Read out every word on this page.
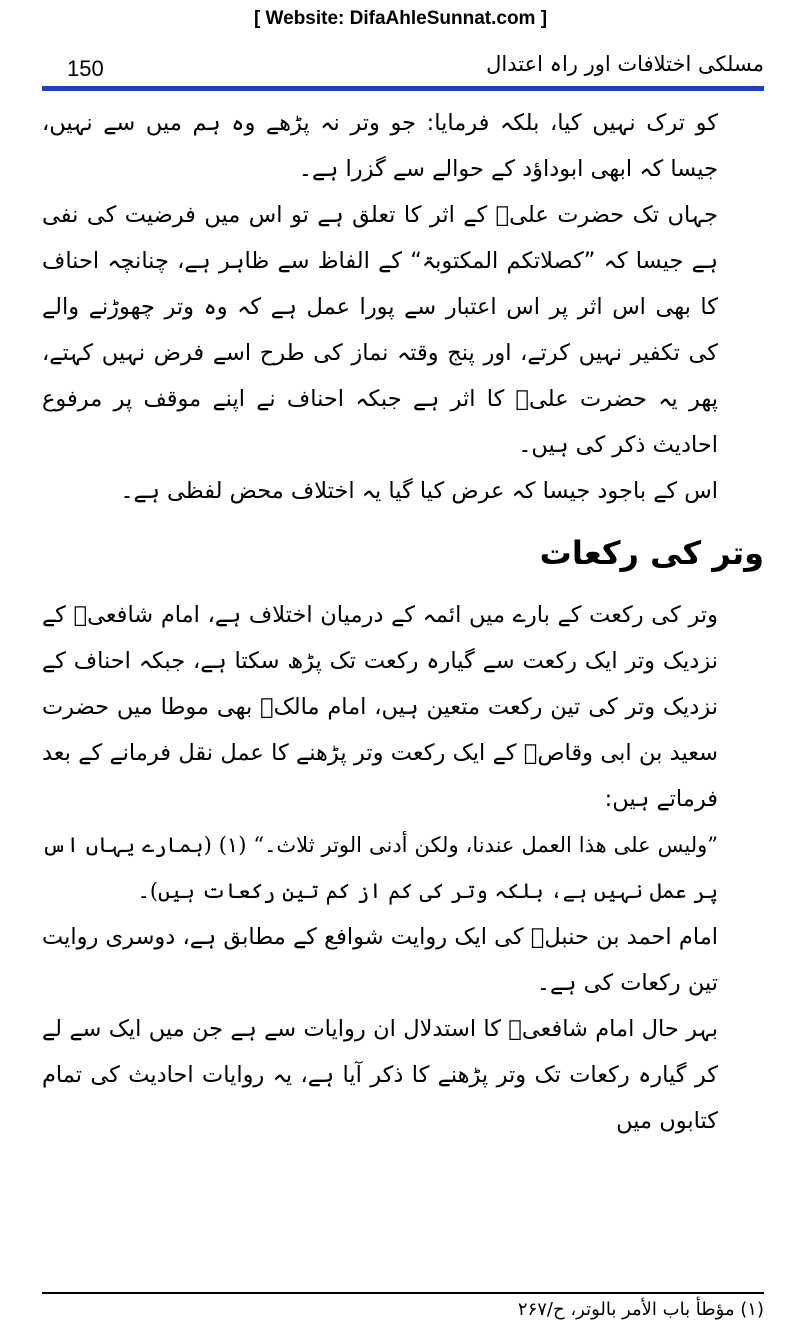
[ Website: DifaAhleSunnat.com ]
150	مسلکی اختلافات اور راہ اعتدال

کو ترک نہیں کیا، بلکہ فرمایا: جو وتر نہ پڑھے وہ ہم میں سے نہیں، جیسا کہ ابھی ابوداؤد کے حوالے سے گزرا ہے۔

جہاں تک حضرت علیؓ کے اثر کا تعلق ہے تو اس میں فرضیت کی نفی ہے جیسا کہ ”کصلاتکم المکتوبۃ“ کے الفاظ سے ظاہر ہے، چنانچہ احناف کا بھی اس اثر پر اس اعتبار سے پورا عمل ہے کہ وہ وتر چھوڑنے والے کی تکفیر نہیں کرتے، اور پنج وقتہ نماز کی طرح اسے فرض نہیں کہتے، پھر یہ حضرت علیؓ کا اثر ہے جبکہ احناف نے اپنے موقف پر مرفوع احادیث ذکر کی ہیں۔

اس کے باجود جیسا کہ عرض کیا گیا یہ اختلاف محض لفظی ہے۔

وتر کی رکعات

وتر کی رکعت کے بارے میں ائمہ کے درمیان اختلاف ہے، امام شافعیؒ کے نزدیک وتر ایک رکعت سے گیارہ رکعت تک پڑھ سکتا ہے، جبکہ احناف کے نزدیک وتر کی تین رکعت متعین ہیں، امام مالکؒ بھی موطا میں حضرت سعید بن ابی وقاصؓ کے ایک رکعت وتر پڑھنے کا عمل نقل فرمانے کے بعد فرماتے ہیں:

”ولیس علی ھذا العمل عندنا، ولکن أدنی الوتر ثلاث۔“ (۱) (ہمارے یہاں اس پر عمل نہیں ہے، بلکہ وتر کی کم از کم تین رکعات ہیں)۔

امام احمد بن حنبلؒ کی ایک روایت شوافع کے مطابق ہے، دوسری روایت تین رکعات کی ہے۔

بہر حال امام شافعیؒ کا استدلال ان روایات سے ہے جن میں ایک سے لے کر گیارہ رکعات تک وتر پڑھنے کا ذکر آیا ہے، یہ روایات احادیث کی تمام کتابوں میں

(۱) مؤطأ باب الأمر بالوتر، ح/۲۶۷
